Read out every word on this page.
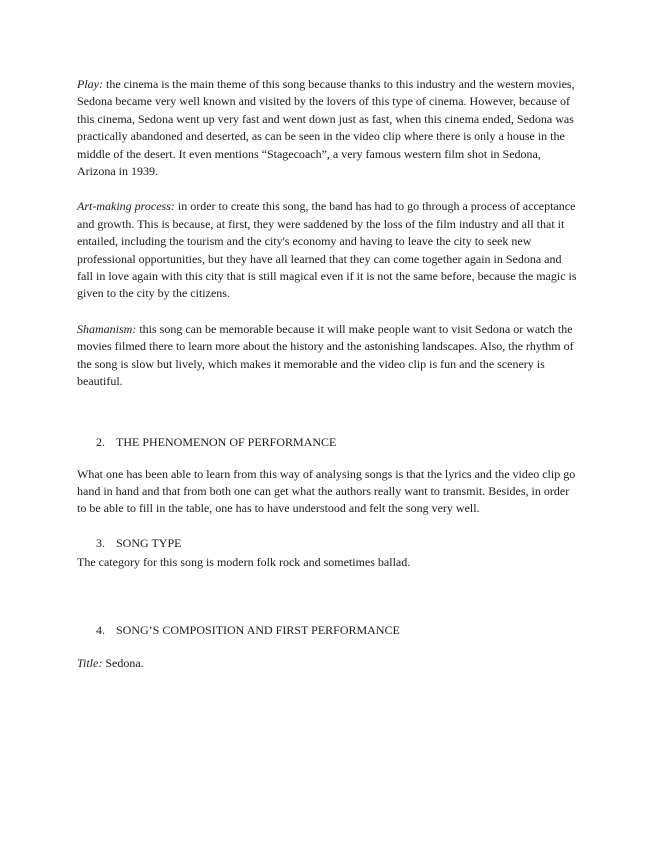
Play: the cinema is the main theme of this song because thanks to this industry and the western movies, Sedona became very well known and visited by the lovers of this type of cinema. However, because of this cinema, Sedona went up very fast and went down just as fast, when this cinema ended, Sedona was practically abandoned and deserted, as can be seen in the video clip where there is only a house in the middle of the desert. It even mentions “Stagecoach”, a very famous western film shot in Sedona, Arizona in 1939.

Art-making process: in order to create this song, the band has had to go through a process of acceptance and growth. This is because, at first, they were saddened by the loss of the film industry and all that it entailed, including the tourism and the city's economy and having to leave the city to seek new professional opportunities, but they have all learned that they can come together again in Sedona and fall in love again with this city that is still magical even if it is not the same before, because the magic is given to the city by the citizens.

Shamanism: this song can be memorable because it will make people want to visit Sedona or watch the movies filmed there to learn more about the history and the astonishing landscapes. Also, the rhythm of the song is slow but lively, which makes it memorable and the video clip is fun and the scenery is beautiful.

2. THE PHENOMENON OF PERFORMANCE

What one has been able to learn from this way of analysing songs is that the lyrics and the video clip go hand in hand and that from both one can get what the authors really want to transmit. Besides, in order to be able to fill in the table, one has to have understood and felt the song very well.

3. SONG TYPE

The category for this song is modern folk rock and sometimes ballad.

4. SONG’S COMPOSITION AND FIRST PERFORMANCE

Title: Sedona.
